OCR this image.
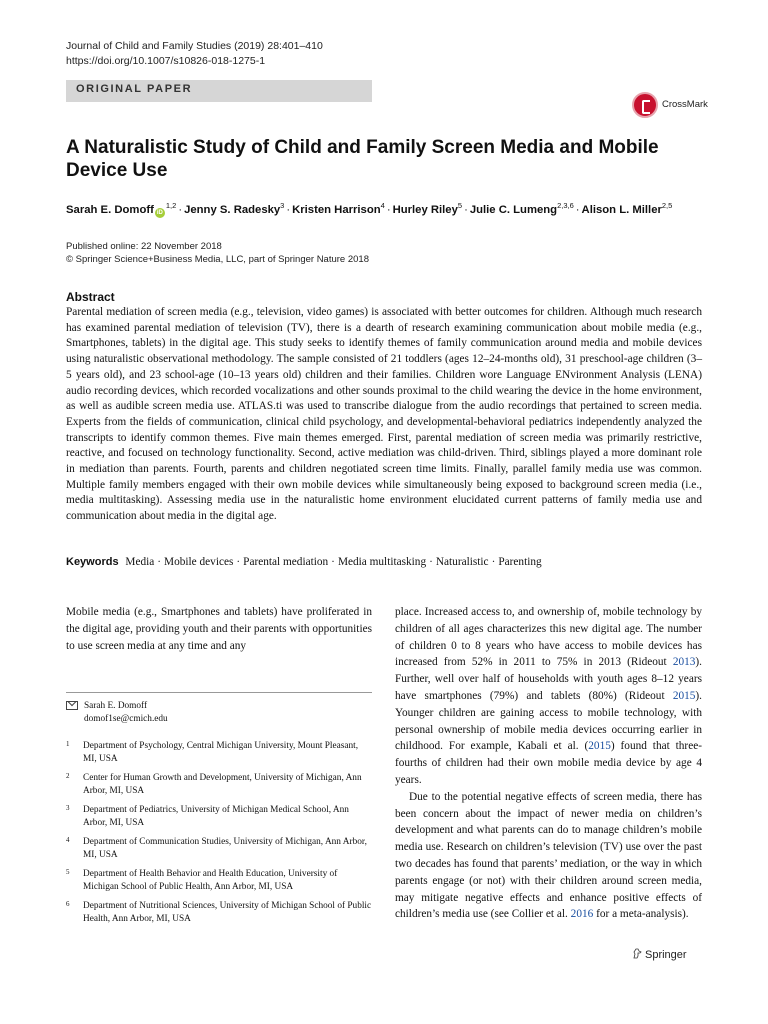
Journal of Child and Family Studies (2019) 28:401–410
https://doi.org/10.1007/s10826-018-1275-1
ORIGINAL PAPER
CrossMark
A Naturalistic Study of Child and Family Screen Media and Mobile Device Use
Sarah E. Domoff iD$^{1,2}$ · Jenny S. Radesky$^3$ · Kristen Harrison$^4$ · Hurley Riley$^5$ · Julie C. Lumeng$^{2,3,6}$ · Alison L. Miller$^{2,5}$
Published online: 22 November 2018
© Springer Science+Business Media, LLC, part of Springer Nature 2018
Abstract
Parental mediation of screen media (e.g., television, video games) is associated with better outcomes for children. Although much research has examined parental mediation of television (TV), there is a dearth of research examining communication about mobile media (e.g., Smartphones, tablets) in the digital age. This study seeks to identify themes of family communication around media and mobile devices using naturalistic observational methodology. The sample consisted of 21 toddlers (ages 12–24-months old), 31 preschool-age children (3–5 years old), and 23 school-age (10–13 years old) children and their families. Children wore Language ENvironment Analysis (LENA) audio recording devices, which recorded vocalizations and other sounds proximal to the child wearing the device in the home environment, as well as audible screen media use. ATLAS.ti was used to transcribe dialogue from the audio recordings that pertained to screen media. Experts from the fields of communication, clinical child psychology, and developmental-behavioral pediatrics independently analyzed the transcripts to identify common themes. Five main themes emerged. First, parental mediation of screen media was primarily restrictive, reactive, and focused on technology functionality. Second, active mediation was child-driven. Third, siblings played a more dominant role in mediation than parents. Fourth, parents and children negotiated screen time limits. Finally, parallel family media use was common. Multiple family members engaged with their own mobile devices while simultaneously being exposed to background screen media (i.e., media multitasking). Assessing media use in the naturalistic home environment elucidated current patterns of family media use and communication about media in the digital age.
Keywords Media · Mobile devices · Parental mediation · Media multitasking · Naturalistic · Parenting
Mobile media (e.g., Smartphones and tablets) have proliferated in the digital age, providing youth and their parents with opportunities to use screen media at any time and any

place. Increased access to, and ownership of, mobile technology by children of all ages characterizes this new digital age. The number of children 0 to 8 years who have access to mobile devices has increased from 52% in 2011 to 75% in 2013 (Rideout 2013). Further, well over half of households with youth ages 8–12 years have smartphones (79%) and tablets (80%) (Rideout 2015). Younger children are gaining access to mobile technology, with personal ownership of mobile media devices occurring earlier in childhood. For example, Kabali et al. (2015) found that three-fourths of children had their own mobile media device by age 4 years.

Due to the potential negative effects of screen media, there has been concern about the impact of newer media on children’s development and what parents can do to manage children’s mobile media use. Research on children’s television (TV) use over the past two decades has found that parents’ mediation, or the way in which parents engage (or not) with their children around screen media, may mitigate negative effects and enhance positive effects of children’s media use (see Collier et al. 2016 for a meta-analysis).

Sarah E. Domoff
domof1se@cmich.edu
1 Department of Psychology, Central Michigan University, Mount Pleasant, MI, USA
2 Center for Human Growth and Development, University of Michigan, Ann Arbor, MI, USA
3 Department of Pediatrics, University of Michigan Medical School, Ann Arbor, MI, USA
4 Department of Communication Studies, University of Michigan, Ann Arbor, MI, USA
5 Department of Health Behavior and Health Education, University of Michigan School of Public Health, Ann Arbor, MI, USA
6 Department of Nutritional Sciences, University of Michigan School of Public Health, Ann Arbor, MI, USA
Springer
